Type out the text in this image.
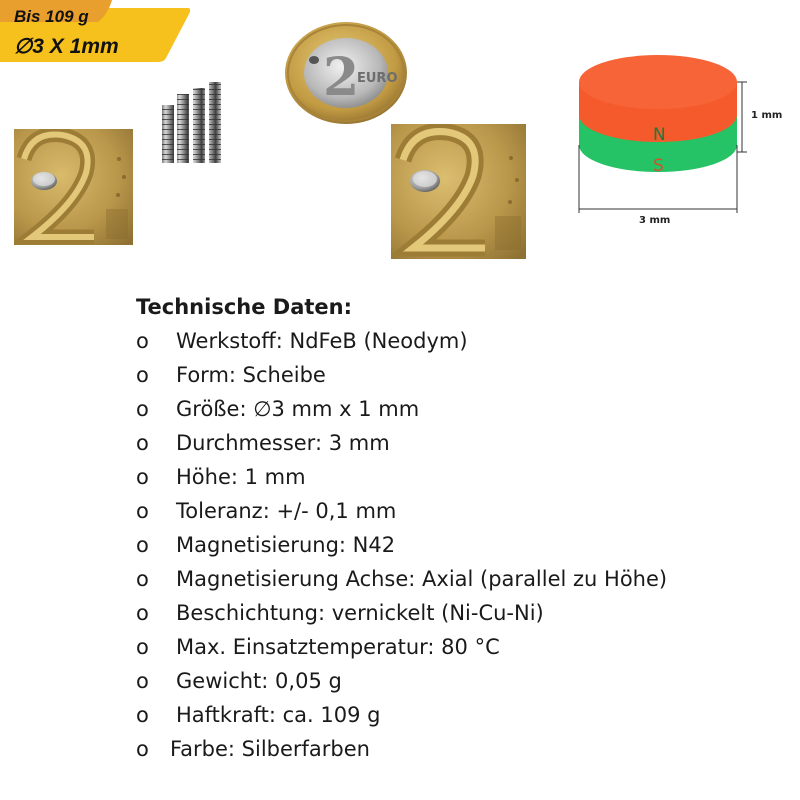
Bis 109 g
∅3 X 1mm
2
EURO
N
S
1 mm
3 mm

Technische Daten:

o Werkstoff: NdFeB (Neodym)
o Form: Scheibe
o Größe: ∅3 mm x 1 mm
o Durchmesser: 3 mm
o Höhe: 1 mm
o Toleranz: +/- 0,1 mm
o Magnetisierung: N42
o Magnetisierung Achse: Axial (parallel zu Höhe)
o Beschichtung: vernickelt (Ni-Cu-Ni)
o Max. Einsatztemperatur: 80 °C
o Gewicht: 0,05 g
o Haftkraft: ca. 109 g
o Farbe: Silberfarben
